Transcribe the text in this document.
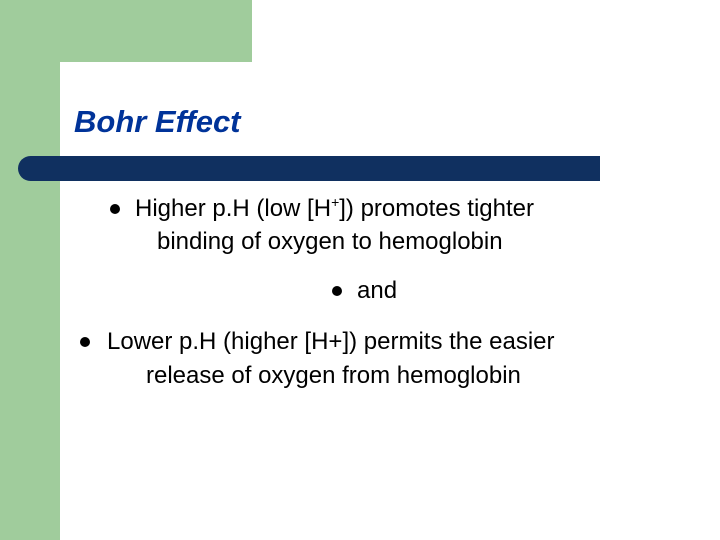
Bohr Effect

Higher p.H (low [H+]) promotes tighter

binding of oxygen to hemoglobin

and

Lower p.H (higher [H+]) permits the easier

release of oxygen from hemoglobin
